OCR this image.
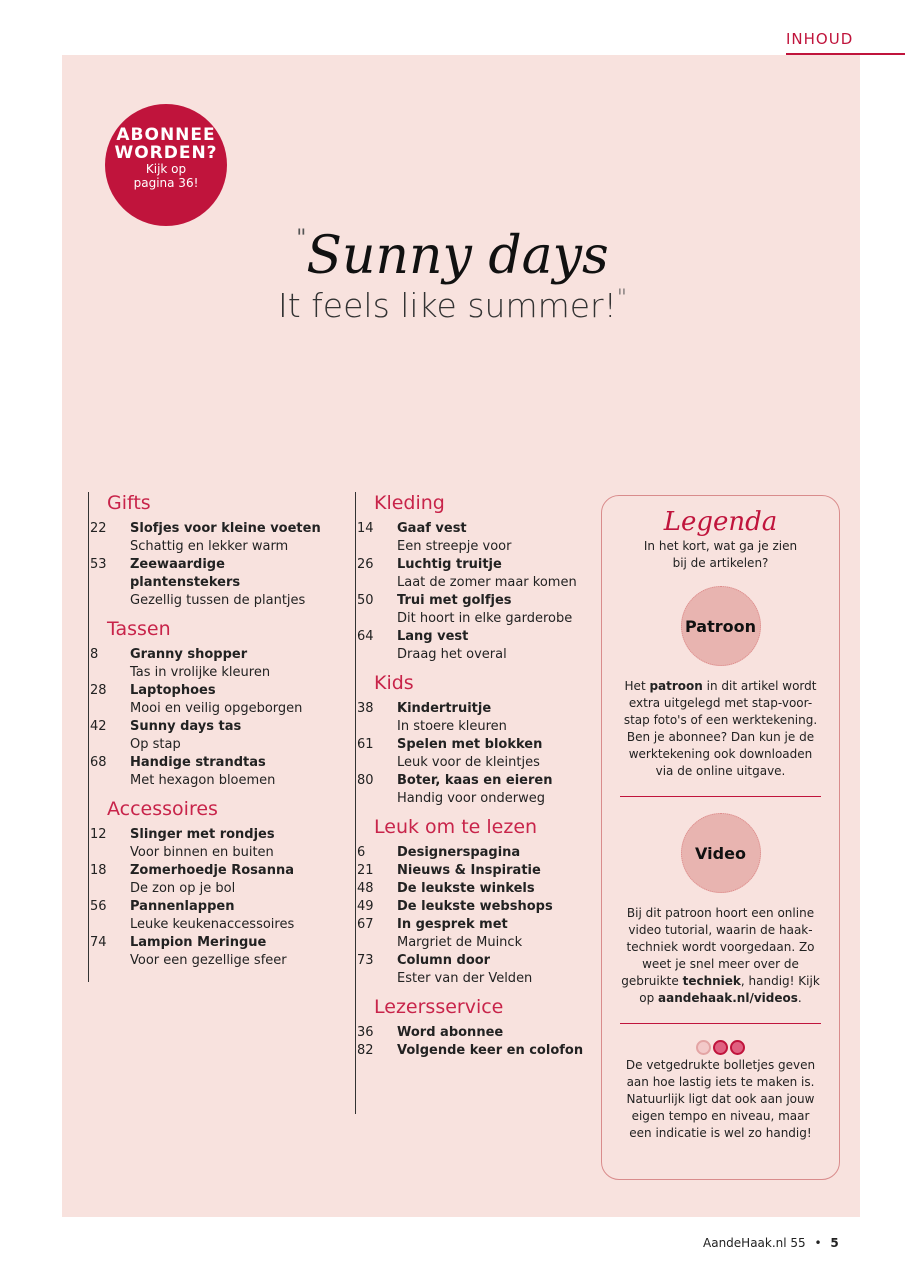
INHOUD
ABONNEE
WORDEN?
Kijk op
pagina 36!
"Sunny days
It feels like summer!"
Gifts
22	Slofjes voor kleine voeten
Schattig en lekker warm
53	Zeewaardige plantenstekers
Gezellig tussen de plantjes
Tassen
8	Granny shopper
Tas in vrolijke kleuren
28	Laptophoes
Mooi en veilig opgeborgen
42	Sunny days tas
Op stap
68	Handige strandtas
Met hexagon bloemen
Accessoires
12	Slinger met rondjes
Voor binnen en buiten
18	Zomerhoedje Rosanna
De zon op je bol
56	Pannenlappen
Leuke keukenaccessoires
74	Lampion Meringue
Voor een gezellige sfeer
Kleding
14	Gaaf vest
Een streepje voor
26	Luchtig truitje
Laat de zomer maar komen
50	Trui met golfjes
Dit hoort in elke garderobe
64	Lang vest
Draag het overal
Kids
38	Kindertruitje
In stoere kleuren
61	Spelen met blokken
Leuk voor de kleintjes
80	Boter, kaas en eieren
Handig voor onderweg
Leuk om te lezen
6	Designerspagina
21	Nieuws & Inspiratie
48	De leukste winkels
49	De leukste webshops
67	In gesprek met
Margriet de Muinck
73	Column door
Ester van der Velden
Lezersservice
36	Word abonnee
82	Volgende keer en colofon
Legenda

In het kort, wat ga je zien bij de artikelen?

Patroon

Het patroon in dit artikel wordt extra uitgelegd met stap-voor-stap foto's of een werktekening. Ben je abonnee? Dan kun je de werktekening ook downloaden via de online uitgave.

Video

Bij dit patroon hoort een online video tutorial, waarin de haak-techniek wordt voorgedaan. Zo weet je snel meer over de gebruikte techniek, handig! Kijk op aandehaak.nl/videos.

De vetgedrukte bolletjes geven aan hoe lastig iets te maken is. Natuurlijk ligt dat ook aan jouw eigen tempo en niveau, maar een indicatie is wel zo handig!

AandeHaak.nl 55 • 5
